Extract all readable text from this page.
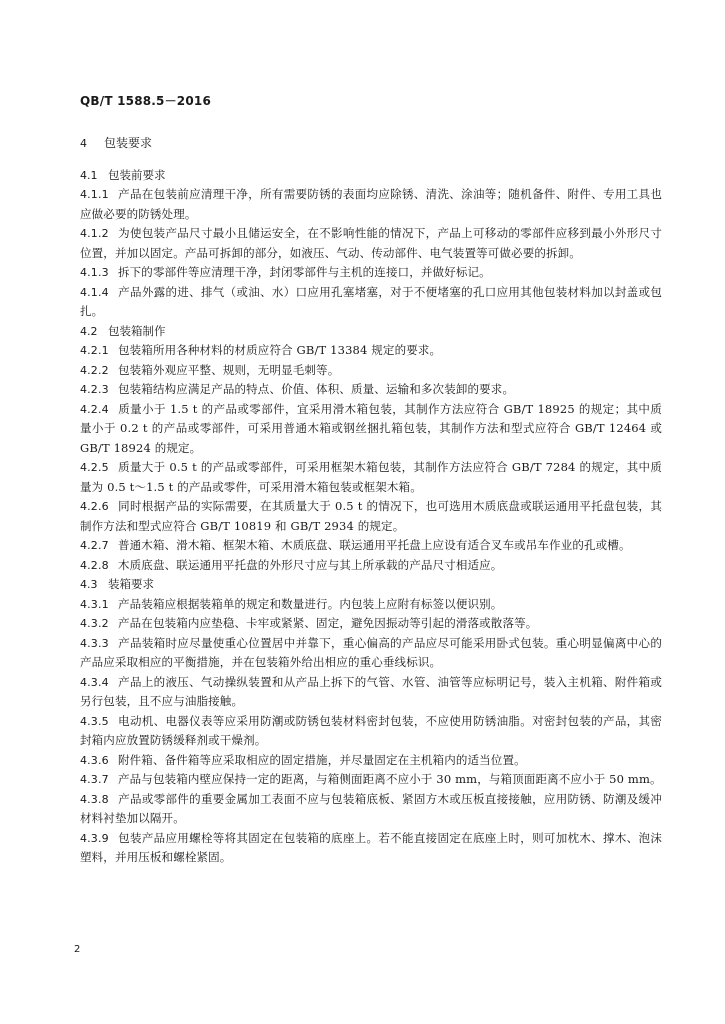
QB/T 1588.5－2016
4 包装要求
4.1 包装前要求
4.1.1 产品在包装前应清理干净，所有需要防锈的表面均应除锈、清洗、涂油等；随机备件、附件、专用工具也应做必要的防锈处理。
4.1.2 为使包装产品尺寸最小且储运安全，在不影响性能的情况下，产品上可移动的零部件应移到最小外形尺寸位置，并加以固定。产品可拆卸的部分，如液压、气动、传动部件、电气装置等可做必要的拆卸。
4.1.3 拆下的零部件等应清理干净，封闭零部件与主机的连接口，并做好标记。
4.1.4 产品外露的进、排气（或油、水）口应用孔塞堵塞，对于不便堵塞的孔口应用其他包装材料加以封盖或包扎。
4.2 包装箱制作
4.2.1 包装箱所用各种材料的材质应符合 GB/T 13384 规定的要求。
4.2.2 包装箱外观应平整、规则，无明显毛刺等。
4.2.3 包装箱结构应满足产品的特点、价值、体积、质量、运输和多次装卸的要求。
4.2.4 质量小于 1.5 t 的产品或零部件，宜采用滑木箱包装，其制作方法应符合 GB/T 18925 的规定；其中质量小于 0.2 t 的产品或零部件，可采用普通木箱或钢丝捆扎箱包装，其制作方法和型式应符合 GB/T 12464 或 GB/T 18924 的规定。
4.2.5 质量大于 0.5 t 的产品或零部件，可采用框架木箱包装，其制作方法应符合 GB/T 7284 的规定，其中质量为 0.5 t～1.5 t 的产品或零件，可采用滑木箱包装或框架木箱。
4.2.6 同时根据产品的实际需要，在其质量大于 0.5 t 的情况下，也可选用木质底盘或联运通用平托盘包装，其制作方法和型式应符合 GB/T 10819 和 GB/T 2934 的规定。
4.2.7 普通木箱、滑木箱、框架木箱、木质底盘、联运通用平托盘上应设有适合叉车或吊车作业的孔或槽。
4.2.8 木质底盘、联运通用平托盘的外形尺寸应与其上所承载的产品尺寸相适应。
4.3 装箱要求
4.3.1 产品装箱应根据装箱单的规定和数量进行。内包装上应附有标签以便识别。
4.3.2 产品在包装箱内应垫稳、卡牢或紧紧、固定，避免因振动等引起的滑落或散落等。
4.3.3 产品装箱时应尽量使重心位置居中并靠下，重心偏高的产品应尽可能采用卧式包装。重心明显偏离中心的产品应采取相应的平衡措施，并在包装箱外给出相应的重心垂线标识。
4.3.4 产品上的液压、气动操纵装置和从产品上拆下的气管、水管、油管等应标明记号，装入主机箱、附件箱或另行包装，且不应与油脂接触。
4.3.5 电动机、电器仪表等应采用防潮或防锈包装材料密封包装，不应使用防锈油脂。对密封包装的产品，其密封箱内应放置防锈缓释剂或干燥剂。
4.3.6 附件箱、备件箱等应采取相应的固定措施，并尽量固定在主机箱内的适当位置。
4.3.7 产品与包装箱内壁应保持一定的距离，与箱侧面距离不应小于 30 mm，与箱顶面距离不应小于 50 mm。
4.3.8 产品或零部件的重要金属加工表面不应与包装箱底板、紧固方木或压板直接接触，应用防锈、防潮及缓冲材料衬垫加以隔开。
4.3.9 包装产品应用螺栓等将其固定在包装箱的底座上。若不能直接固定在底座上时，则可加枕木、撑木、泡沫塑料，并用压板和螺栓紧固。
2
